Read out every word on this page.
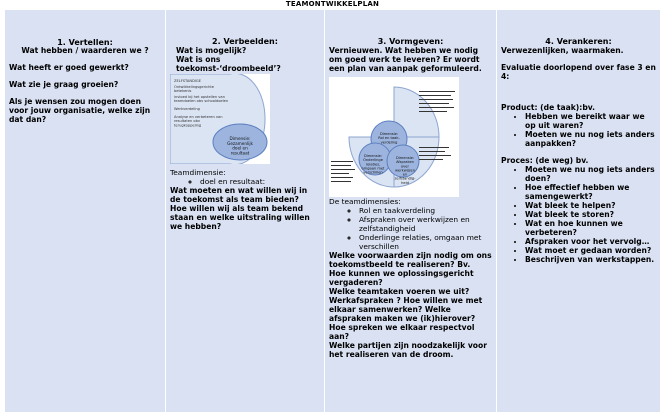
TEAMONTWIKKELPLAN
1. Vertellen:
Wat hebben / waarderen we ?
Wat heeft er goed gewerkt?
Wat zie je graag groeien?
Als je wensen zou mogen doen voor jouw organisatie, welke zijn dat dan?
2. Verbeelden:
Wat is mogelijk?
Wat is ons toekomst-‘droombeeld’?
ZELFSTANDIGE
Ontwikkelingsgerichte betekenis
invloed bij het opstellen van teamdoelen obv schooldoelen
Werkverdeling
Analyse en verbeteren van resultaten obv terugkoppeling
Dimensie: Gezamenlijk doel en resultaat
Teamdimensie:
◦ doel en resultaat:
Wat moeten en wat willen wij in de toekomst als team bieden?
Hoe willen wij als team bekend staan en welke uitstraling willen we hebben?
3. Vormgeven:
Vernieuwen. Wat hebben we nodig om goed werk te leveren? Er wordt een plan van aanpak geformuleerd.
Dimensie: Rol en taak-verdeling
Dimensie: Onderlinge relaties, omgaan met verschillen
Dimensie: Afspraken over werkwijzen en zelfstandig-heid
De teamdimensies:
◦ Rol en taakverdeling
◦ Afspraken over werkwijzen en zelfstandigheid
◦ Onderlinge relaties, omgaan met verschillen
Welke voorwaarden zijn nodig om ons toekomstbeeld te realiseren? Bv.
Hoe kunnen we oplossingsgericht vergaderen?
Welke teamtaken voeren we uit? Werkafspraken ? Hoe willen we met elkaar samenwerken? Welke afspraken maken we (ik)hierover? Hoe spreken we elkaar respectvol aan?
Welke partijen zijn noodzakelijk voor het realiseren van de droom.
4. Verankeren:
Verwezenlijken, waarmaken.
Evaluatie doorlopend over fase 3 en 4:
Product: (de taak):bv.
• Hebben we bereikt waar we op uit waren?
• Moeten we nu nog iets anders aanpakken?
Proces: (de weg) bv.
• Moeten we nu nog iets anders doen?
• Hoe effectief hebben we samengewerkt?
• Wat bleek te helpen?
• Wat bleek te storen?
• Wat en hoe kunnen we verbeteren?
• Afspraken voor het vervolg…
• Wat moet er gedaan worden?
• Beschrijven van werkstappen.
